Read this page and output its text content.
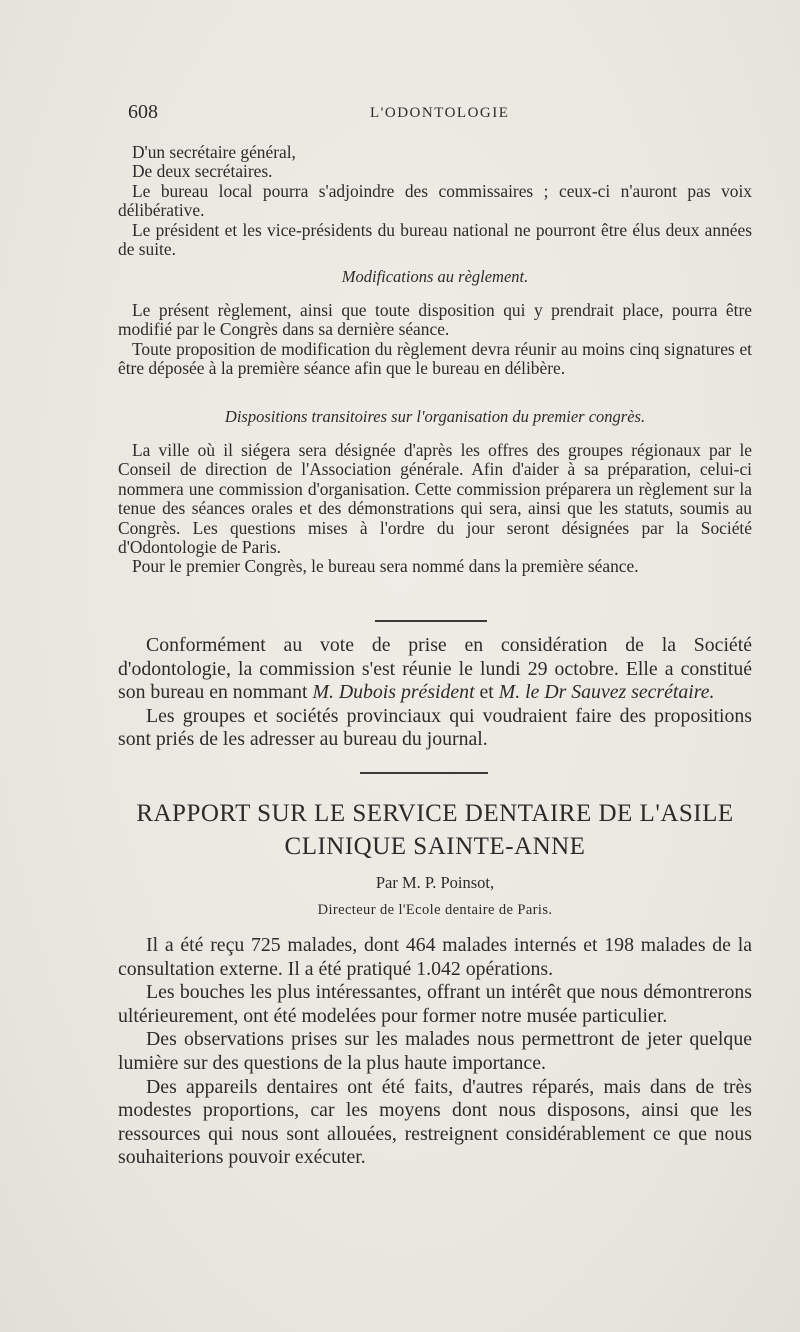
608	L'ODONTOLOGIE

D'un secrétaire général,

De deux secrétaires.

Le bureau local pourra s'adjoindre des commissaires ; ceux-ci n'auront pas voix délibérative.

Le président et les vice-présidents du bureau national ne pourront être élus deux années de suite.

Modifications au règlement.

Le présent règlement, ainsi que toute disposition qui y prendrait place, pourra être modifié par le Congrès dans sa dernière séance.

Toute proposition de modification du règlement devra réunir au moins cinq signatures et être déposée à la première séance afin que le bureau en délibère.

Dispositions transitoires sur l'organisation du premier congrès.

La ville où il siégera sera désignée d'après les offres des groupes régionaux par le Conseil de direction de l'Association générale. Afin d'aider à sa préparation, celui-ci nommera une commission d'organisation. Cette commission préparera un règlement sur la tenue des séances orales et des démonstrations qui sera, ainsi que les statuts, soumis au Congrès. Les questions mises à l'ordre du jour seront désignées par la Société d'Odontologie de Paris.

Pour le premier Congrès, le bureau sera nommé dans la première séance.

Conformément au vote de prise en considération de la Société d'odontologie, la commission s'est réunie le lundi 29 octobre. Elle a constitué son bureau en nommant M. Dubois président et M. le Dr Sauvez secrétaire.

Les groupes et sociétés provinciaux qui voudraient faire des propositions sont priés de les adresser au bureau du journal.

RAPPORT SUR LE SERVICE DENTAIRE DE L'ASILE
CLINIQUE SAINTE-ANNE
Par M. P. Poinsot,
Directeur de l'Ecole dentaire de Paris.

Il a été reçu 725 malades, dont 464 malades internés et 198 malades de la consultation externe. Il a été pratiqué 1.042 opérations.

Les bouches les plus intéressantes, offrant un intérêt que nous démontrerons ultérieurement, ont été modelées pour former notre musée particulier.

Des observations prises sur les malades nous permettront de jeter quelque lumière sur des questions de la plus haute importance.

Des appareils dentaires ont été faits, d'autres réparés, mais dans de très modestes proportions, car les moyens dont nous disposons, ainsi que les ressources qui nous sont allouées, restreignent considérablement ce que nous souhaiterions pouvoir exécuter.
